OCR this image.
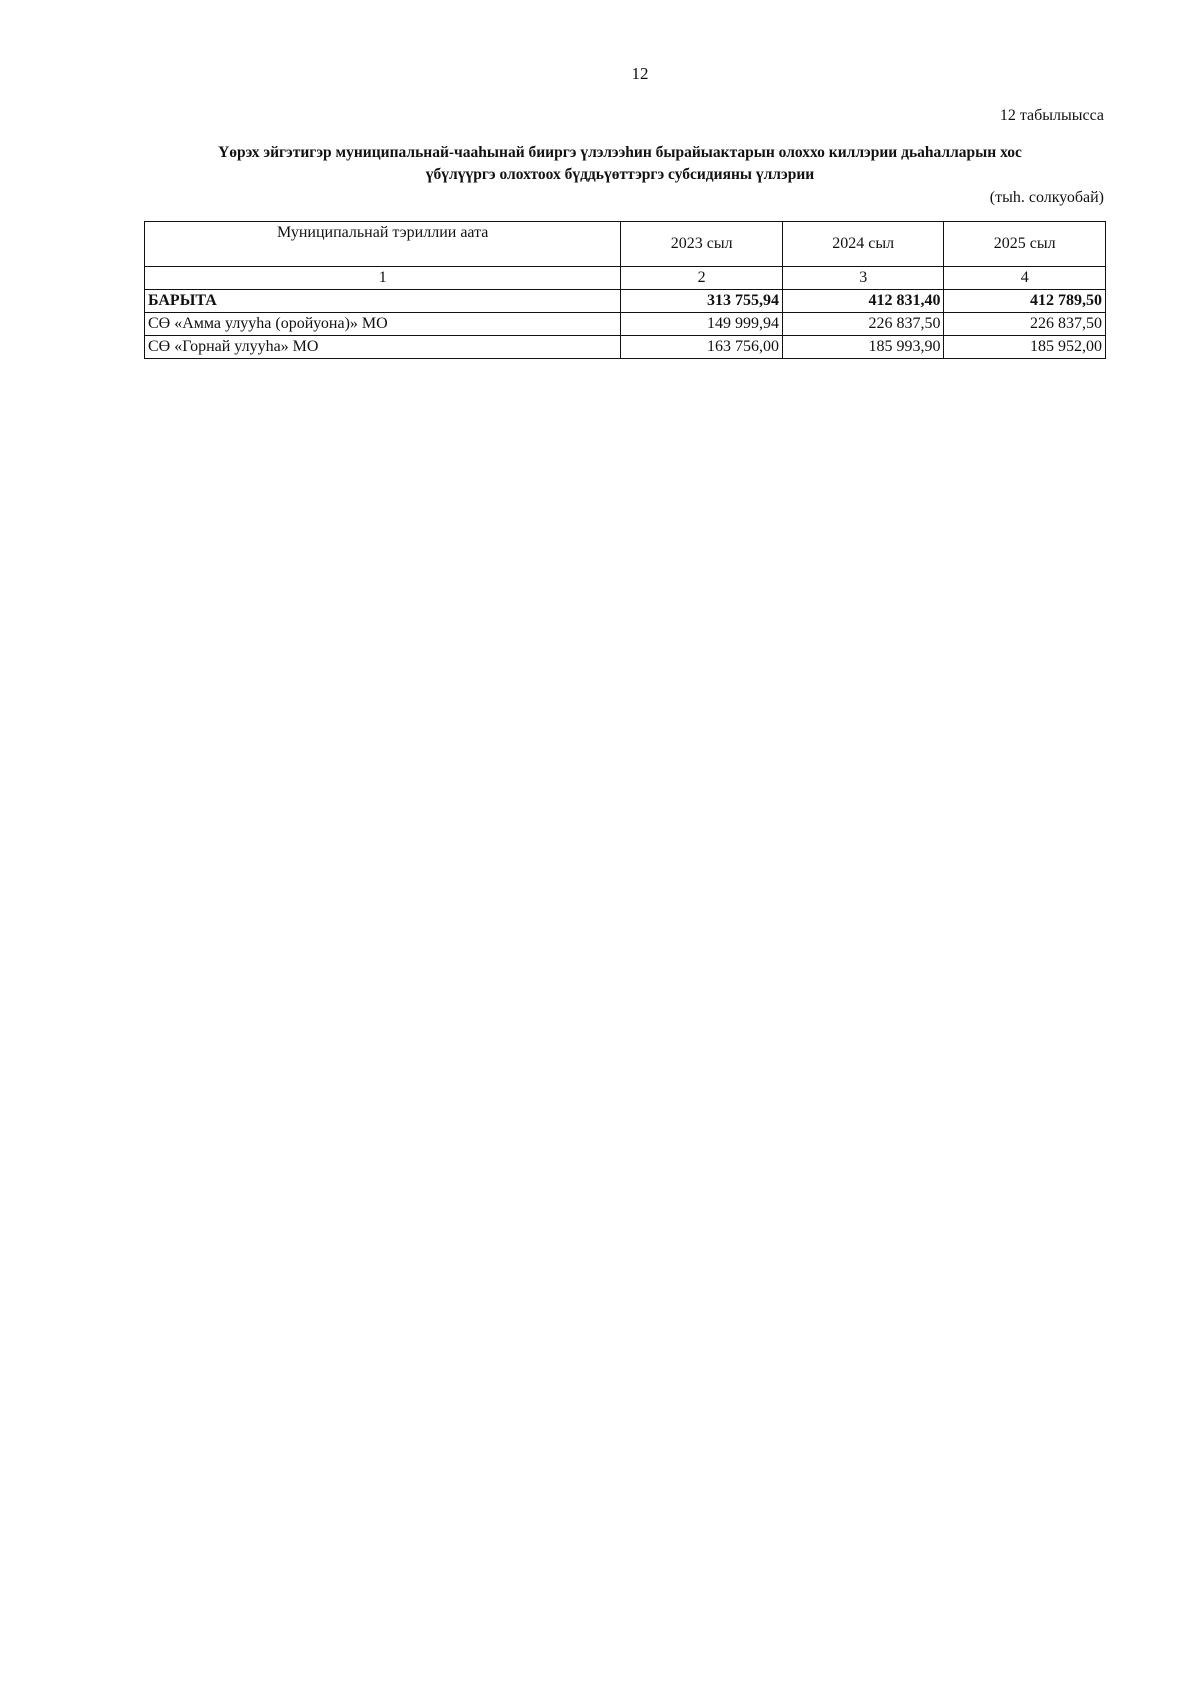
12
12 табылыысса
Үөрэх эйгэтигэр муниципальнай-чааһынай бииргэ үлэлээһин бырайыактарын олоххо киллэрии дьаһалларын хос
үбүлүүргэ олохтоох бүддьүөттэргэ субсидияны үллэрии
(тыһ. солкуобай)
Муниципальнай тэриллии аата	2023 сыл	2024 сыл	2025 сыл
1	2	3	4
БАРЫТА	313 755,94	412 831,40	412 789,50
СӨ «Амма улууһа (оройуона)» МО	149 999,94	226 837,50	226 837,50
СӨ «Горнай улууһа» МО	163 756,00	185 993,90	185 952,00
